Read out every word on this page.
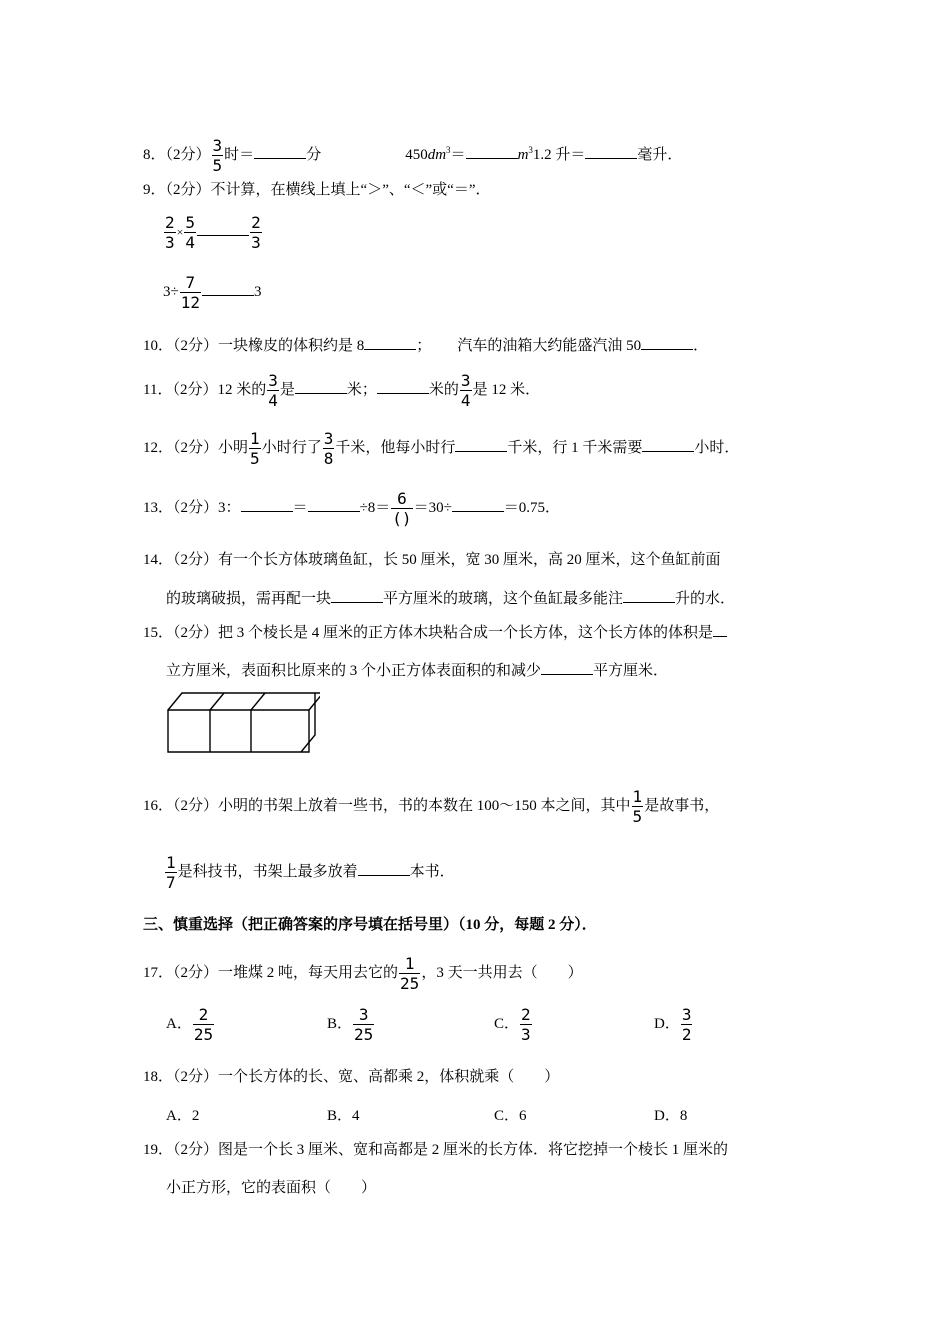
8．（2分） $\frac{3}{5}$ 时＝	分	$450dm^3=$	$m^31.2$ 升＝	毫升．
9．（2分）不计算，在横线上填上“＞”、“＜”或“＝”．
$\frac{2}{3} \times \frac{5}{4}$	$\frac{2}{3}$
$3\div \frac{7}{12}$	3
10．（2分）一块橡皮的体积约是 8	； 汽车的油箱大约能盛汽油 50	．
11．（2分）12 米的 $\frac{3}{4}$ 是	米；	米的 $\frac{3}{4}$ 是 12 米．
12．（2分）小明 $\frac{1}{5}$ 小时行了 $\frac{3}{8}$ 千米，他每小时行	千米，行 1 千米需要	小时．
13．（2分）3：	＝	$\div 8= \frac{6}{()} =30\div$	＝0.75．
14．（2分）有一个长方体玻璃鱼缸，长 50 厘米，宽 30 厘米，高 20 厘米，这个鱼缸前面
的玻璃破损，需再配一块	平方厘米的玻璃，这个鱼缸最多能注	升的水．
15．（2分）把 3 个棱长是 4 厘米的正方体木块粘合成一个长方体，这个长方体的体积是
立方厘米，表面积比原来的 3 个小正方体表面积的和减少	平方厘米．
16．（2分）小明的书架上放着一些书，书的本数在 100～150 本之间，其中 $\frac{1}{5}$ 是故事书，
$\frac{1}{7}$ 是科技书，书架上最多放着	本书．
三、慎重选择（把正确答案的序号填在括号里）（10 分，每题 2 分）．
17．（2分）一堆煤 2 吨，每天用去它的 $\frac{1}{25}$ ，3 天一共用去（　　）
A． $\frac{2}{25}$	B． $\frac{3}{25}$	C． $\frac{2}{3}$	D． $\frac{3}{2}$
18．（2分）一个长方体的长、宽、高都乘 2，体积就乘（　　）
A．2	B．4	C．6	D．8
19．（2分）图是一个长 3 厘米、宽和高都是 2 厘米的长方体．将它挖掉一个棱长 1 厘米的
小正方形，它的表面积（　　）
